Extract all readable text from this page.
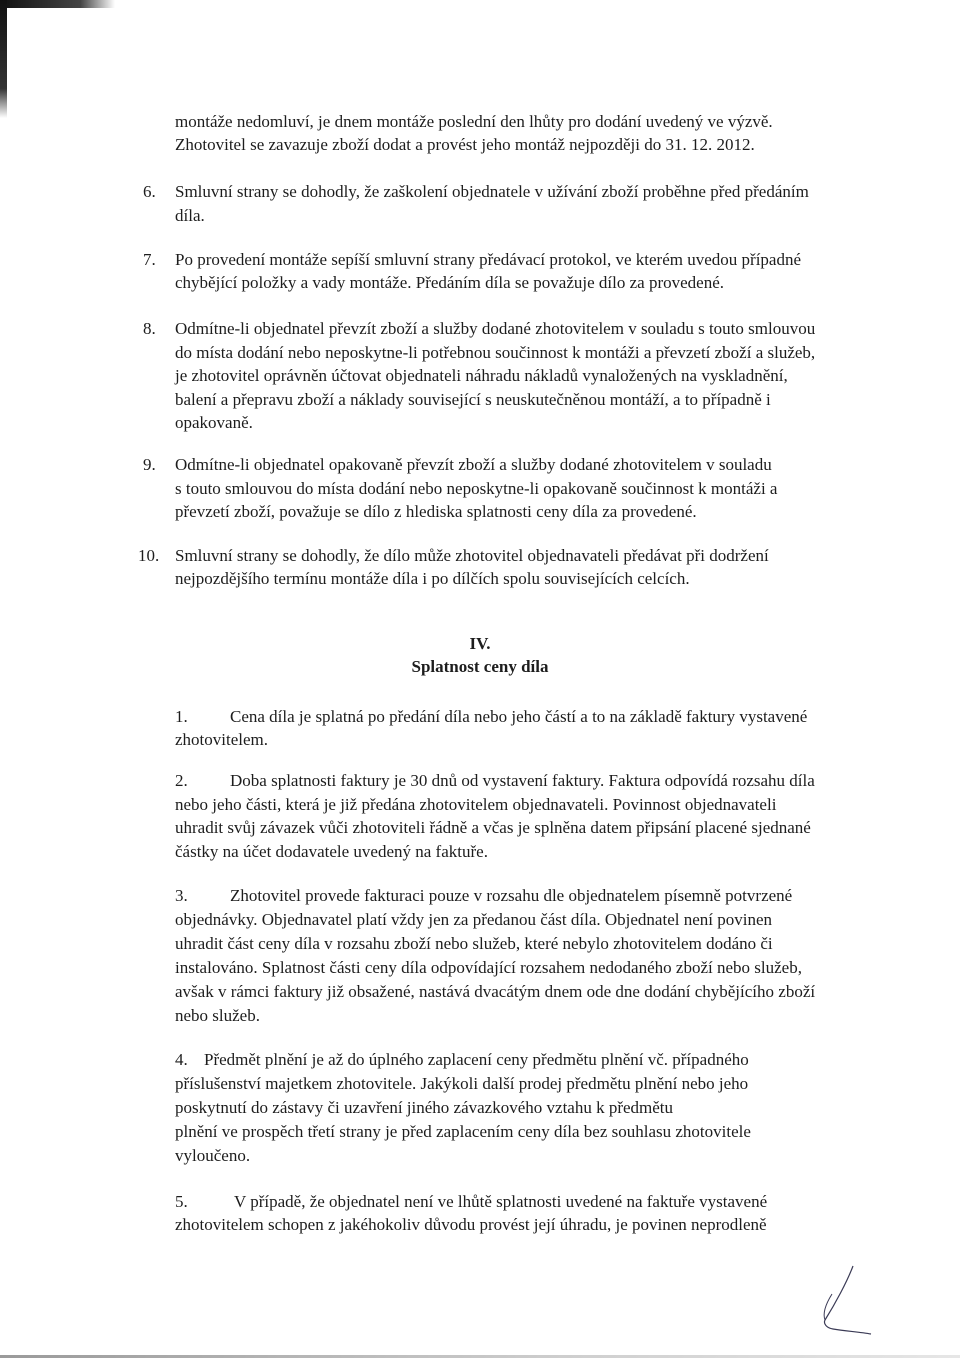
montáže nedomluví, je dnem montáže poslední den lhůty pro dodání uvedený ve výzvě.

Zhotovitel se zavazuje zboží dodat a provést jeho montáž nejpozději do 31. 12. 2012.

6. Smluvní strany se dohodly, že zaškolení objednatele v užívání zboží proběhne před předáním

díla.

7. Po provedení montáže sepíší smluvní strany předávací protokol, ve kterém uvedou případné

chybějící položky a vady montáže. Předáním díla se považuje dílo za provedené.

8. Odmítne-li objednatel převzít zboží a služby dodané zhotovitelem v souladu s touto smlouvou

do místa dodání nebo neposkytne-li potřebnou součinnost k montáži a převzetí zboží a služeb,

je zhotovitel oprávněn účtovat objednateli náhradu nákladů vynaložených na vyskladnění,

balení a přepravu zboží a náklady související s neuskutečněnou montáží, a to případně i

opakovaně.

9. Odmítne-li objednatel opakovaně převzít zboží a služby dodané zhotovitelem v souladu

s touto smlouvou do místa dodání nebo neposkytne-li opakovaně součinnost k montáži a

převzetí zboží, považuje se dílo z hlediska splatnosti ceny díla za provedené.

10. Smluvní strany se dohodly, že dílo může zhotovitel objednavateli předávat při dodržení

nejpozdějšího termínu montáže díla i po dílčích spolu souvisejících celcích.

IV.
Splatnost ceny díla
1. Cena díla je splatná po předání díla nebo jeho částí a to na základě faktury vystavené

zhotovitelem.

2. Doba splatnosti faktury je 30 dnů od vystavení faktury. Faktura odpovídá rozsahu díla

nebo jeho části, která je již předána zhotovitelem objednavateli. Povinnost objednavateli

uhradit svůj závazek vůči zhotoviteli řádně a včas je splněna datem připsání placené sjednané

částky na účet dodavatele uvedený na faktuře.

3. Zhotovitel provede fakturaci pouze v rozsahu dle objednatelem písemně potvrzené

objednávky. Objednavatel platí vždy jen za předanou část díla. Objednatel není povinen

uhradit část ceny díla v rozsahu zboží nebo služeb, které nebylo zhotovitelem dodáno či

instalováno. Splatnost části ceny díla odpovídající rozsahem nedodaného zboží nebo služeb,

avšak v rámci faktury již obsažené, nastává dvacátým dnem ode dne dodání chybějícího zboží

nebo služeb.

4. Předmět plnění je až do úplného zaplacení ceny předmětu plnění vč. případného

příslušenství majetkem zhotovitele. Jakýkoli další prodej předmětu plnění nebo jeho

poskytnutí do zástavy či uzavření jiného závazkového vztahu k předmětu

plnění ve prospěch třetí strany je před zaplacením ceny díla bez souhlasu zhotovitele

vyloučeno.

5.	V případě, že objednatel není ve lhůtě splatnosti uvedené na faktuře vystavené

zhotovitelem schopen z jakéhokoliv důvodu provést její úhradu, je povinen neprodleně
